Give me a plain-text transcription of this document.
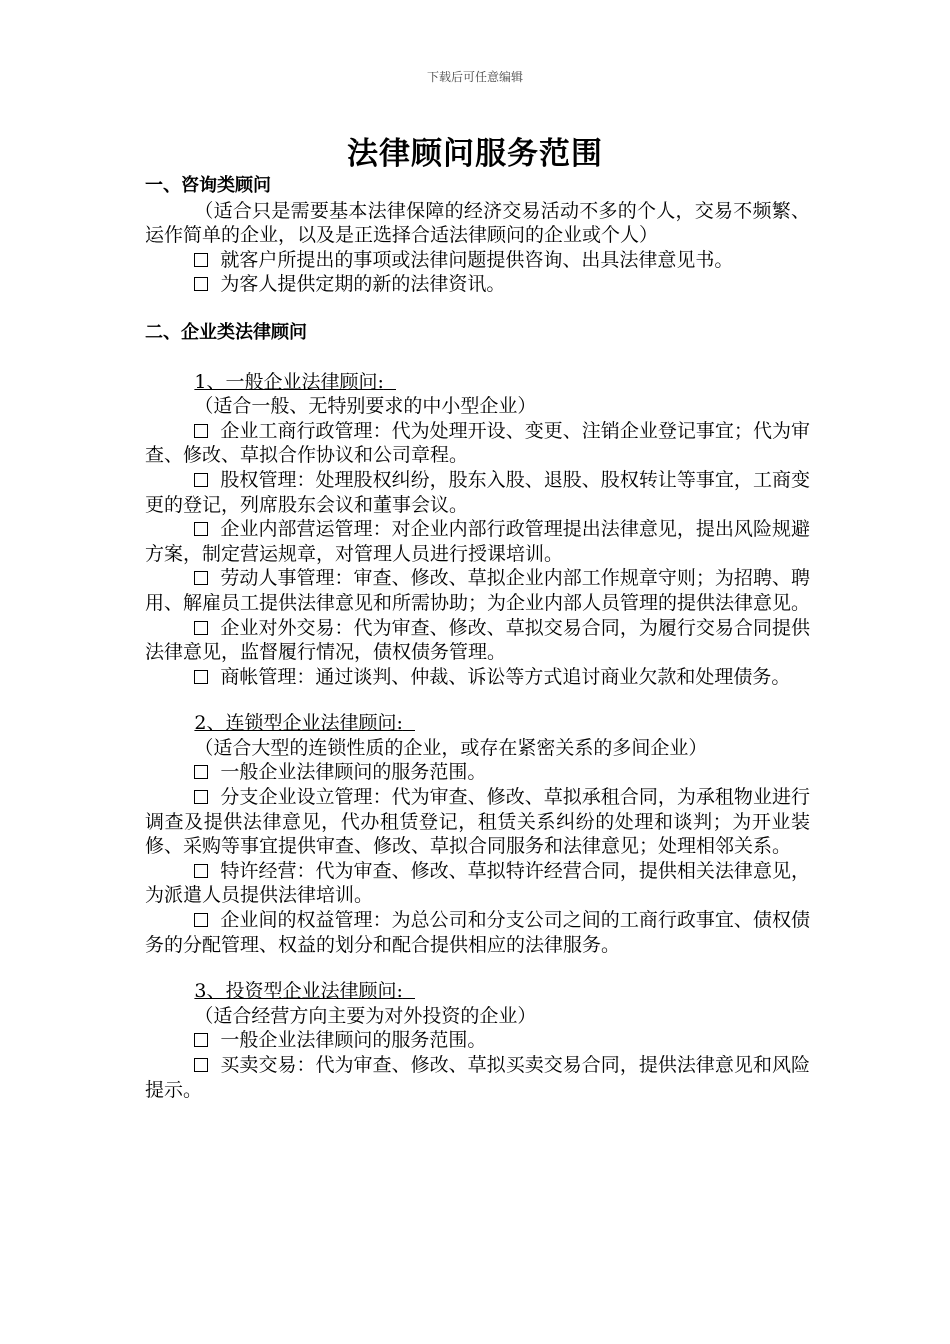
下载后可任意编辑
法律顾问服务范围
一、咨询类顾问

（适合只是需要基本法律保障的经济交易活动不多的个人，交易不频繁、运作简单的企业，以及是正选择合适法律顾问的企业或个人）

就客户所提出的事项或法律问题提供咨询、出具法律意见书。

为客人提供定期的新的法律资讯。

二、企业类法律顾问

1、一般企业法律顾问:

（适合一般、无特别要求的中小型企业）

企业工商行政管理：代为处理开设、变更、注销企业登记事宜；代为审查、修改、草拟合作协议和公司章程。

股权管理：处理股权纠纷，股东入股、退股、股权转让等事宜，工商变更的登记，列席股东会议和董事会议。

企业内部营运管理：对企业内部行政管理提出法律意见，提出风险规避方案，制定营运规章，对管理人员进行授课培训。

劳动人事管理：审查、修改、草拟企业内部工作规章守则；为招聘、聘用、解雇员工提供法律意见和所需协助；为企业内部人员管理的提供法律意见。

企业对外交易：代为审查、修改、草拟交易合同，为履行交易合同提供法律意见，监督履行情况，债权债务管理。

商帐管理：通过谈判、仲裁、诉讼等方式追讨商业欠款和处理债务。

2、连锁型企业法律顾问:

（适合大型的连锁性质的企业，或存在紧密关系的多间企业）

一般企业法律顾问的服务范围。

分支企业设立管理：代为审查、修改、草拟承租合同，为承租物业进行调查及提供法律意见，代办租赁登记，租赁关系纠纷的处理和谈判；为开业装修、采购等事宜提供审查、修改、草拟合同服务和法律意见；处理相邻关系。

特许经营：代为审查、修改、草拟特许经营合同，提供相关法律意见，为派遣人员提供法律培训。

企业间的权益管理：为总公司和分支公司之间的工商行政事宜、债权债务的分配管理、权益的划分和配合提供相应的法律服务。

3、投资型企业法律顾问:

（适合经营方向主要为对外投资的企业）

一般企业法律顾问的服务范围。

买卖交易：代为审查、修改、草拟买卖交易合同，提供法律意见和风险提示。
